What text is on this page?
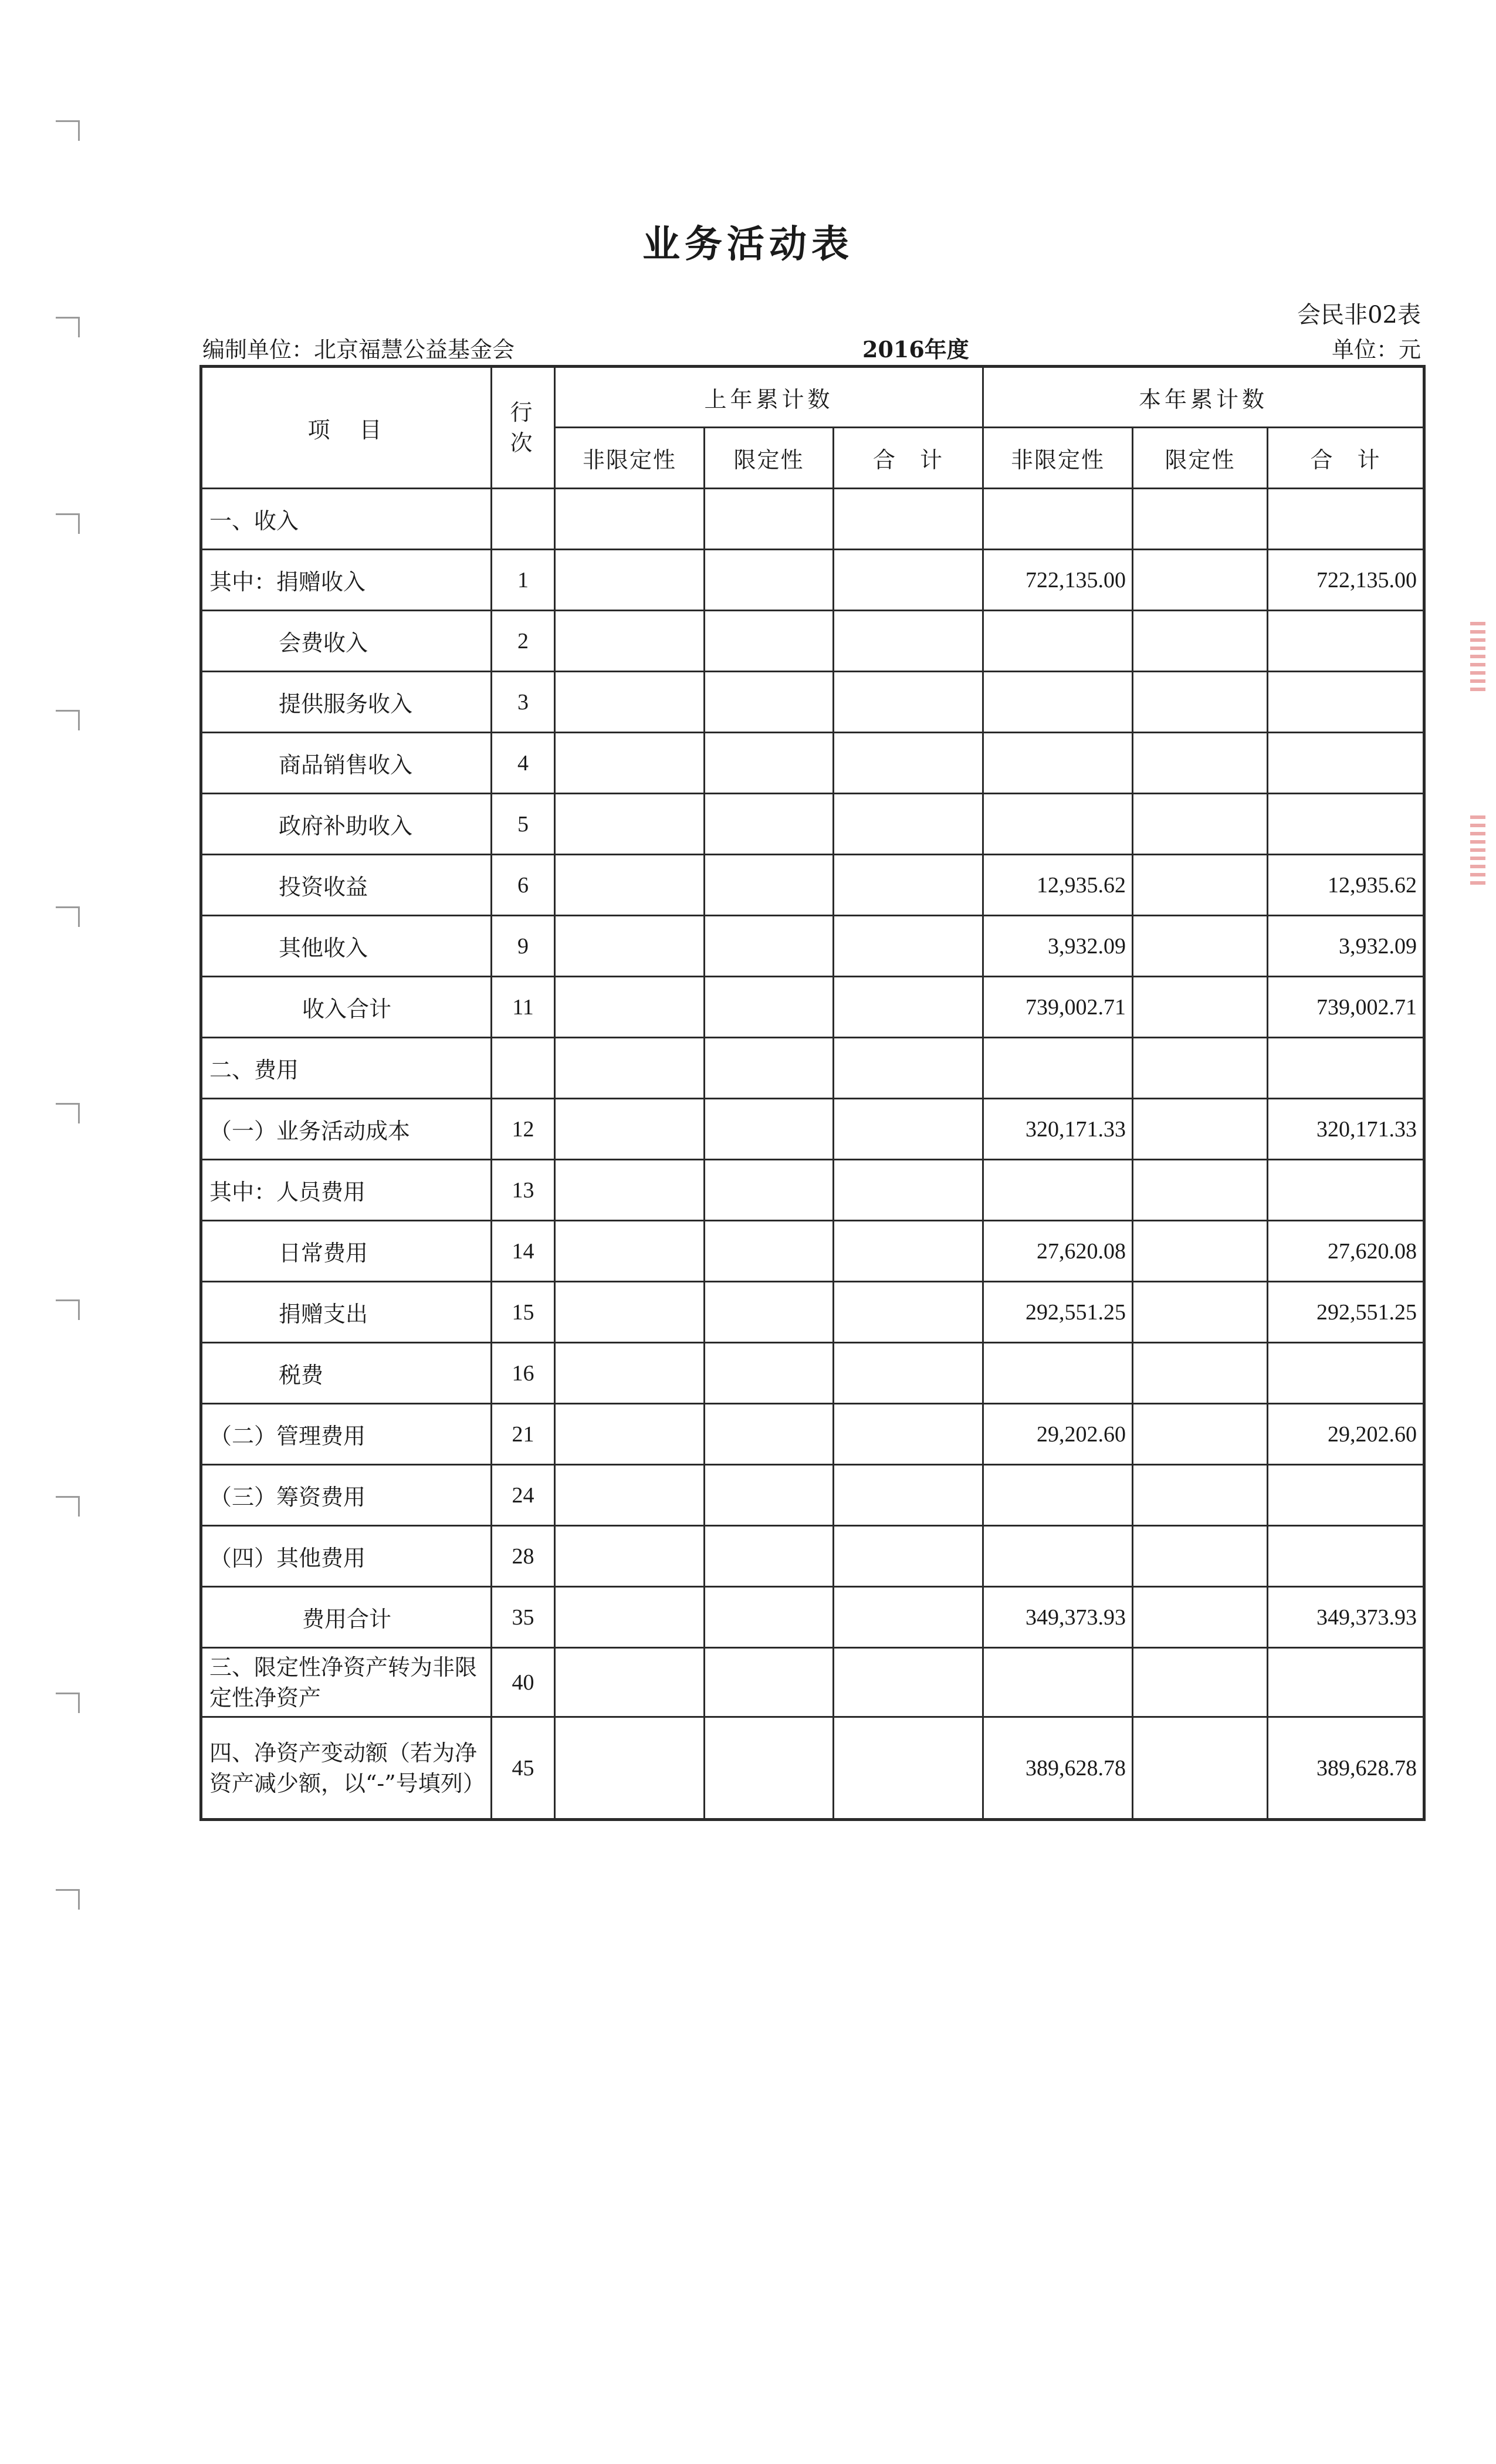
业务活动表
会民非02表
编制单位：北京福慧公益基金会	2016年度	单位：元
项　目	行次	上年累计数			本年累计数		
		非限定性	限定性	合　计	非限定性	限定性	合　计
一、收入							
其中：捐赠收入	1				722,135.00		722,135.00
会费收入	2						
提供服务收入	3						
商品销售收入	4						
政府补助收入	5						
投资收益	6				12,935.62		12,935.62
其他收入	9				3,932.09		3,932.09
收入合计	11				739,002.71		739,002.71
二、费用							
（一）业务活动成本	12				320,171.33		320,171.33
其中：人员费用	13						
日常费用	14				27,620.08		27,620.08
捐赠支出	15				292,551.25		292,551.25
税费	16						
（二）管理费用	21				29,202.60		29,202.60
（三）筹资费用	24						
（四）其他费用	28						
费用合计	35				349,373.93		349,373.93
三、限定性净资产转为非限定性净资产	40						
四、净资产变动额（若为净资产减少额，以“-”号填列）	45				389,628.78		389,628.78
